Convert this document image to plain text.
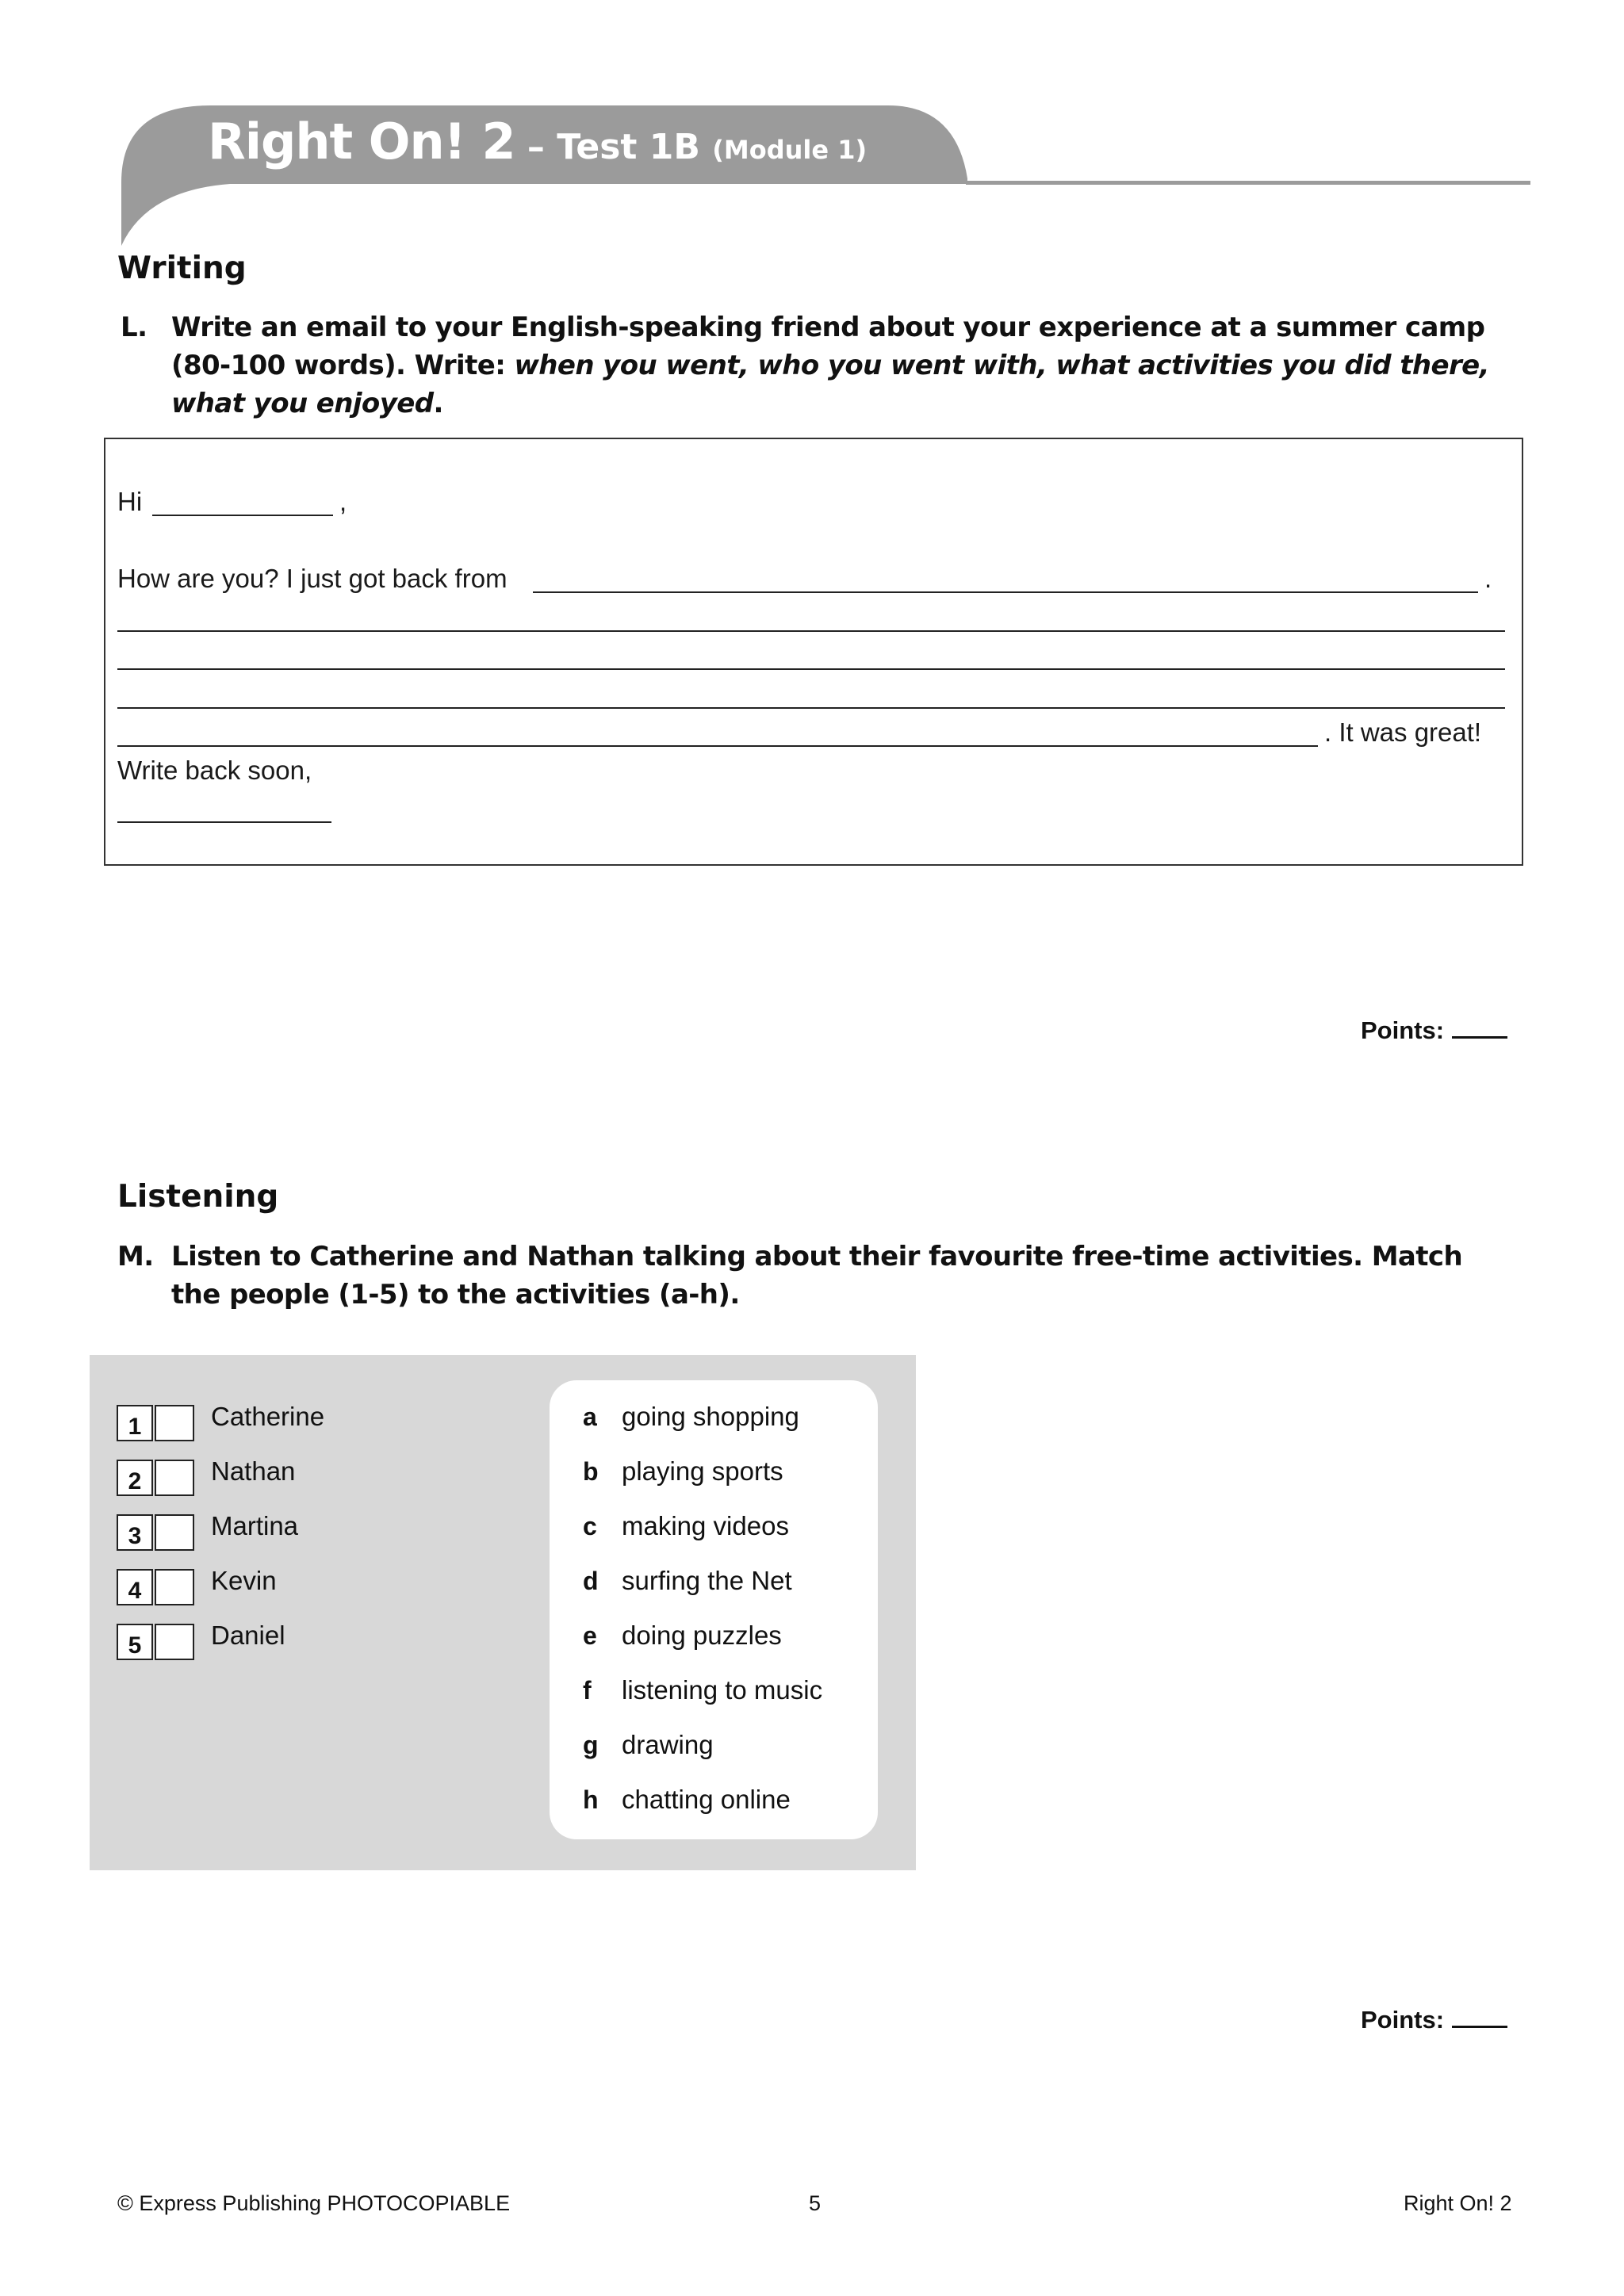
Right On! 2 – Test 1B (Module 1)
Writing
L. Write an email to your English-speaking friend about your experience at a summer camp
(80-100 words). Write: when you went, who you went with, what activities you did there,
what you enjoyed.
Hi	,
How are you? I just got back from	.
. It was great!
Write back soon,
Points:
Listening
M. Listen to Catherine and Nathan talking about their favourite free-time activities. Match
the people (1-5) to the activities (a-h).
1	Catherine
2	Nathan
3	Martina
4	Kevin
5	Daniel
a going shopping
b playing sports
c making videos
d surfing the Net
e doing puzzles
f listening to music
g drawing
h chatting online
Points:
© Express Publishing PHOTOCOPIABLE	5	Right On! 2
